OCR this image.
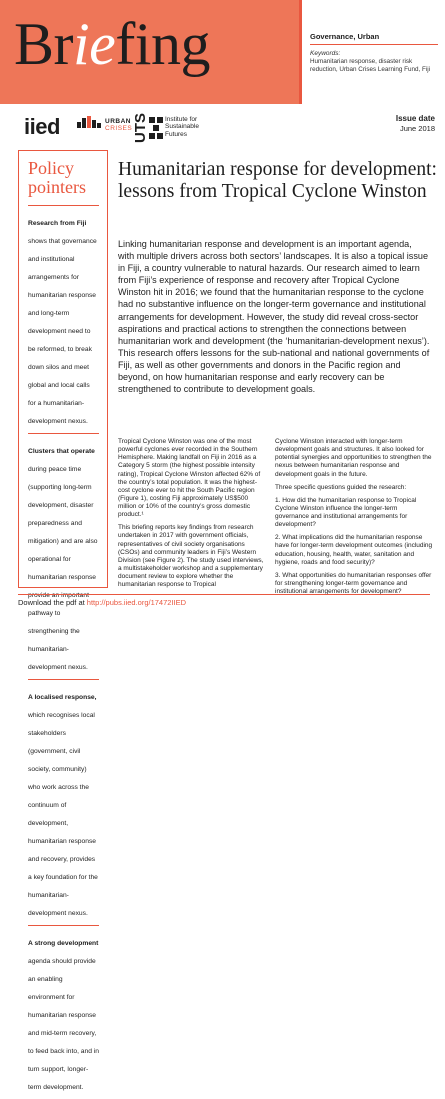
Briefing	Governance, Urban
Keywords:
Humanitarian response, disaster risk reduction, Urban Crises Learning Fund, Fiji
iied	URBAN
CRISES UTS Institute for
Sustainable
Futures
Issue date
June 2018
Policy
pointers

Research from Fiji
shows that governance and institutional arrangements for humanitarian response and long-term development need to be reformed, to break down silos and meet global and local calls for a humanitarian-development nexus.

Clusters that operate
during peace time (supporting long-term development, disaster preparedness and mitigation) and are also operational for humanitarian response provide an important pathway to strengthening the humanitarian-development nexus.

A localised response,
which recognises local stakeholders (government, civil society, community) who work across the continuum of development, humanitarian response and recovery, provides a key foundation for the humanitarian-development nexus.

A strong development
agenda should provide an enabling environment for humanitarian response and mid-term recovery, to feed back into, and in turn support, longer-term development.

Humanitarian response for development: lessons from Tropical Cyclone Winston
Linking humanitarian response and development is an important agenda, with multiple drivers across both sectors’ landscapes. It is also a topical issue in Fiji, a country vulnerable to natural hazards. Our research aimed to learn from Fiji’s experience of response and recovery after Tropical Cyclone Winston hit in 2016; we found that the humanitarian response to the cyclone had no substantive influence on the longer-term governance and institutional arrangements for development. However, the study did reveal cross-sector aspirations and practical actions to strengthen the connections between humanitarian work and development (the ‘humanitarian-development nexus’). This research offers lessons for the sub-national and national governments of Fiji, as well as other governments and donors in the Pacific region and beyond, on how humanitarian response and early recovery can be strengthened to contribute to development goals.

Tropical Cyclone Winston was one of the most powerful cyclones ever recorded in the Southern Hemisphere. Making landfall on Fiji in 2016 as a Category 5 storm (the highest possible intensity rating), Tropical Cyclone Winston affected 62% of the country’s total population. It was the highest-cost cyclone ever to hit the South Pacific region (Figure 1), costing Fiji approximately US$500 million or 10% of the country’s gross domestic product.¹

This briefing reports key findings from research undertaken in 2017 with government officials, representatives of civil society organisations (CSOs) and community leaders in Fiji’s Western Division (see Figure 2). The study used interviews, a multistakeholder workshop and a supplementary document review to explore whether the humanitarian response to Tropical

Cyclone Winston interacted with longer-term development goals and structures. It also looked for potential synergies and opportunities to strengthen the nexus between humanitarian response and development goals in the future.

Three specific questions guided the research:

1. How did the humanitarian response to Tropical Cyclone Winston influence the longer-term governance and institutional arrangements for development?

2. What implications did the humanitarian response have for longer-term development outcomes (including education, housing, health, water, sanitation and hygiene, roads and food security)?

3. What opportunities do humanitarian responses offer for strengthening longer-term governance and institutional arrangements for development?

Download the pdf at http://pubs.iied.org/17472IIED
